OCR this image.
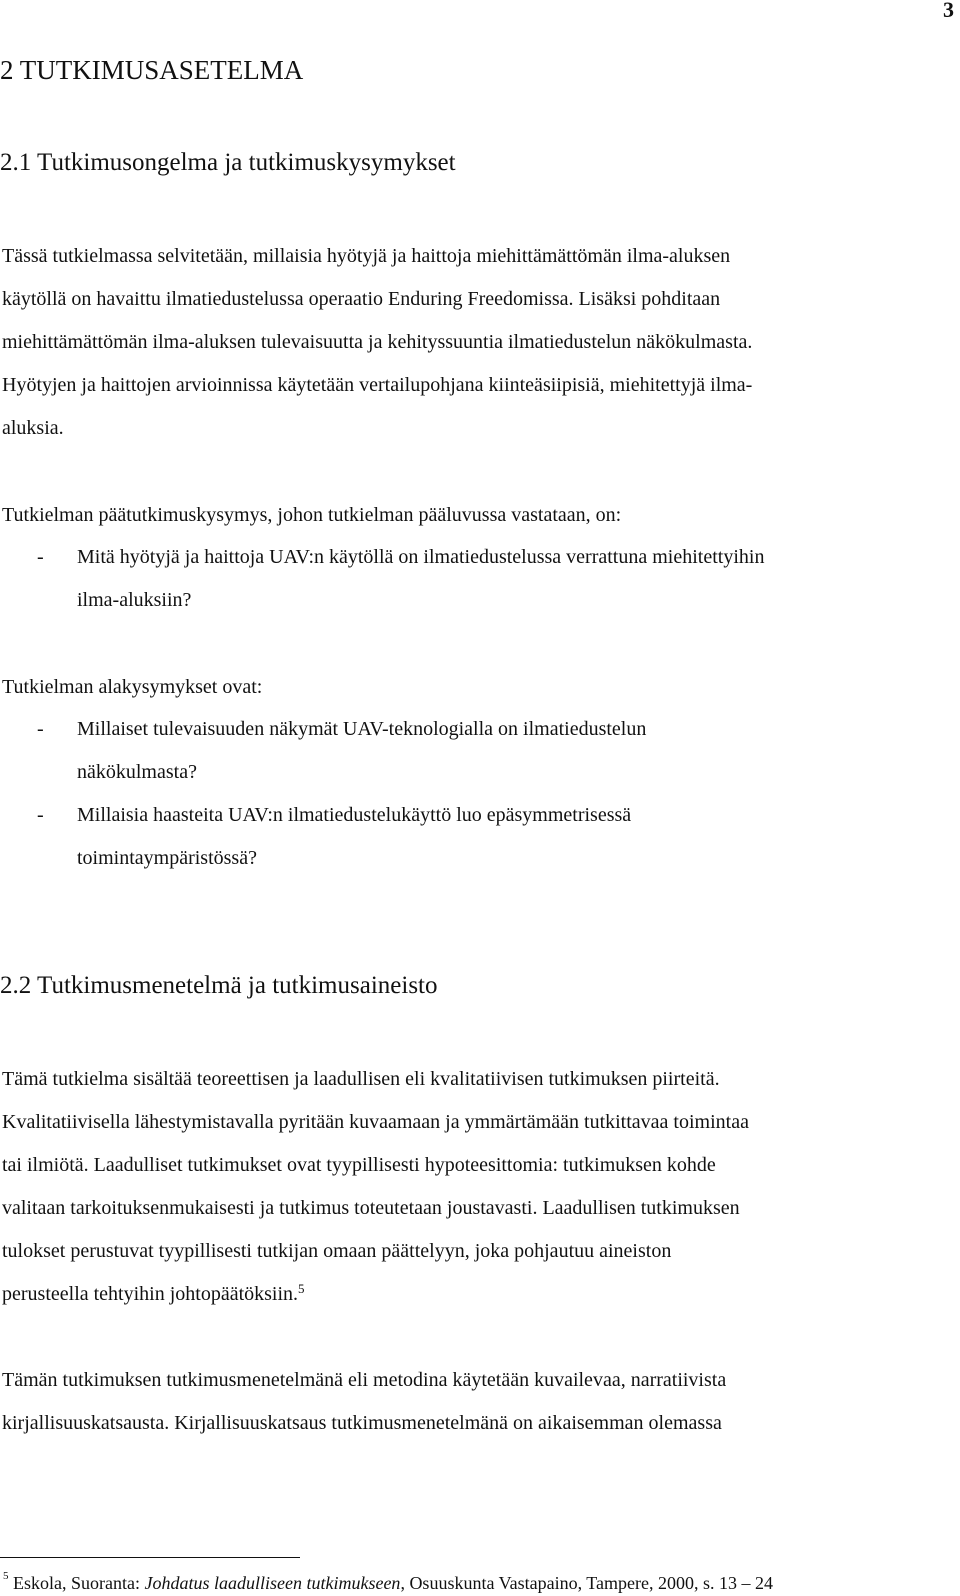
3
2 TUTKIMUSASETELMA
2.1 Tutkimusongelma ja tutkimuskysymykset
Tässä tutkielmassa selvitetään, millaisia hyötyjä ja haittoja miehittämättömän ilma-aluksen
käytöllä on havaittu ilmatiedustelussa operaatio Enduring Freedomissa. Lisäksi pohditaan
miehittämättömän ilma-aluksen tulevaisuutta ja kehityssuuntia ilmatiedustelun näkökulmasta.
Hyötyjen ja haittojen arvioinnissa käytetään vertailupohjana kiinteäsiipisiä, miehitettyjä ilma-
aluksia.
Tutkielman päätutkimuskysymys, johon tutkielman pääluvussa vastataan, on:
- Mitä hyötyjä ja haittoja UAV:n käytöllä on ilmatiedustelussa verrattuna miehitettyihin
ilma-aluksiin?
Tutkielman alakysymykset ovat:
- Millaiset tulevaisuuden näkymät UAV-teknologialla on ilmatiedustelun
näkökulmasta?
- Millaisia haasteita UAV:n ilmatiedustelukäyttö luo epäsymmetrisessä
toimintaympäristössä?
2.2 Tutkimusmenetelmä ja tutkimusaineisto
Tämä tutkielma sisältää teoreettisen ja laadullisen eli kvalitatiivisen tutkimuksen piirteitä.
Kvalitatiivisella lähestymistavalla pyritään kuvaamaan ja ymmärtämään tutkittavaa toimintaa
tai ilmiötä. Laadulliset tutkimukset ovat tyypillisesti hypoteesittomia: tutkimuksen kohde
valitaan tarkoituksenmukaisesti ja tutkimus toteutetaan joustavasti. Laadullisen tutkimuksen
tulokset perustuvat tyypillisesti tutkijan omaan päättelyyn, joka pohjautuu aineiston
perusteella tehtyihin johtopäätöksiin.$^5$
Tämän tutkimuksen tutkimusmenetelmänä eli metodina käytetään kuvailevaa, narratiivista
kirjallisuuskatsausta. Kirjallisuuskatsaus tutkimusmenetelmänä on aikaisemman olemassa
$^5$ Eskola, Suoranta: Johdatus laadulliseen tutkimukseen, Osuuskunta Vastapaino, Tampere, 2000, s. 13 – 24
